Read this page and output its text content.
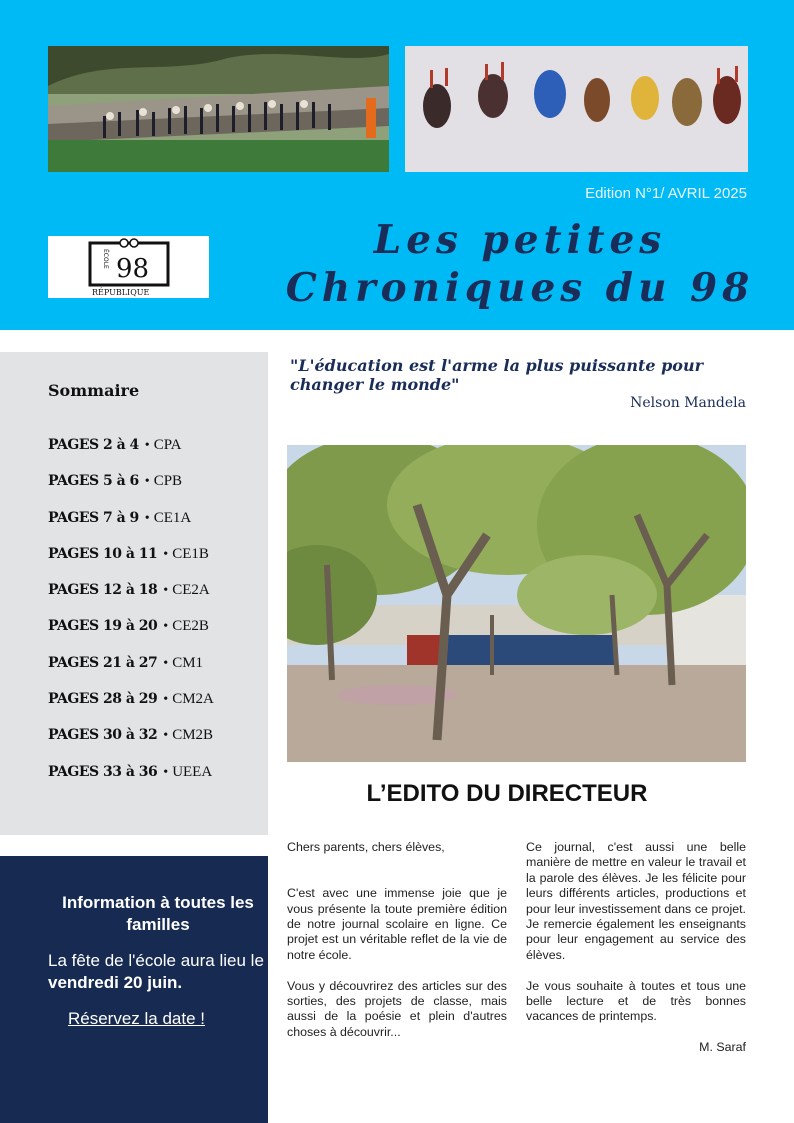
Edition N°1/ AVRIL 2025
ÉCOLE 98
RÉPUBLIQUE
Les petites
Chroniques du 98
Sommaire
PAGES 2 à 4 • CPA
PAGES 5 à 6 • CPB
PAGES 7 à 9 • CE1A
PAGES 10 à 11 • CE1B
PAGES 12 à 18 • CE2A
PAGES 19 à 20 • CE2B
PAGES 21 à 27 • CM1
PAGES 28 à 29 • CM2A
PAGES 30 à 32 • CM2B
PAGES 33 à 36 • UEEA
Information à toutes les familles
La fête de l'école aura lieu le vendredi 20 juin.
Réservez la date !
"L'éducation est l'arme la plus puissante pour changer le monde"
Nelson Mandela
L’EDITO DU DIRECTEUR

Chers parents, chers élèves,

C'est avec une immense joie que je vous présente la toute première édition de notre journal scolaire en ligne. Ce projet est un véritable reflet de la vie de notre école.

Vous y découvrirez des articles sur des sorties, des projets de classe, mais aussi de la poésie et plein d'autres choses à découvrir...

Ce journal, c'est aussi une belle manière de mettre en valeur le travail et la parole des élèves. Je les félicite pour leurs différents articles, productions et pour leur investissement dans ce projet. Je remercie également les enseignants pour leur engagement au service des élèves.

Je vous souhaite à toutes et tous une belle lecture et de très bonnes vacances de printemps.

M. Saraf
